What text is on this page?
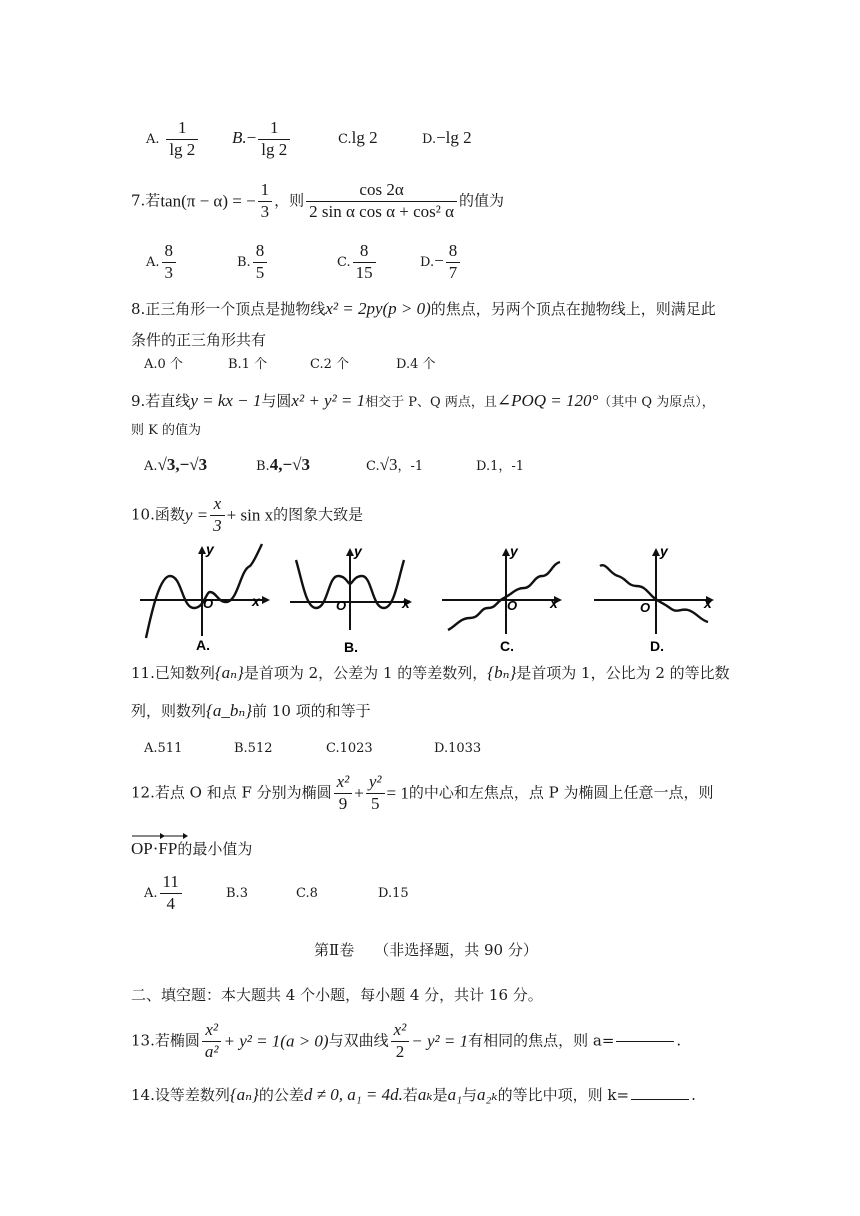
A. $\frac{1}{\lg 2} B.- \frac{1}{\lg 2}$	C.lg 2	D.−lg 2
7.若tan(π − α) = − $\frac{1}{3}$ ，则 $\frac{\cos 2\alpha}{\text{2 sin α cos α + cos² α}}$ 的值为
A. $\frac{8}{3}$	B. $\frac{8}{5}$	C. $\frac{8}{15}$	$D.- \frac{8}{7}$
8.正三角形一个顶点是抛物线x² = 2py(p > 0)的焦点，另两个顶点在抛物线上，则满足此
条件的正三角形共有
A.0 个	B.1 个	C.2 个	D.4 个
9.若直线y = kx − 1与圆x² + y² = 1相交于 P、Q 两点，且∠POQ = 120°（其中 Q 为原点），
则 K 的值为
A.√3,−√3	B.4,−√3	C.√3，-1	D.1，-1
10.函数$y = \frac{x}{3} + \sin x$的图象大致是
y
x
O
A.
y
x
O
B.
y
x
O
C.
y
x
O
D.
11.已知数列{aₙ}是首项为 2，公差为 1 的等差数列，{bₙ}是首项为 1，公比为 2 的等比数
列，则数列{a_bₙ}前 10 项的和等于
A.511	B.512	C.1023	D.1033
12.若点 O 和点 F 分别为椭圆 $\frac{\text{x²}}{9} + \frac{\text{y²}}{5} = 1$的中心和左焦点，点 P 为椭圆上任意一点，则
OP·
FP的最小值为
A. $\frac{11}{4}$	B.3	C.8	D.15
第Ⅱ卷 （非选择题，共 90 分）
二、填空题：本大题共 4 个小题，每小题 4 分，共计 16 分。
13.若椭圆 $\frac{\text{x²}}{\text{a²}} + y^2 = 1(a > 0)$与双曲线 $\frac{\text{x²}}{2} - y^2 = 1$有相同的焦点，则 a=	.
14.设等差数列{aₙ}的公差d ≠ 0, a₁ = 4d.若aₖ是a₁与a₂ₖ的等比中项，则 k=	.
